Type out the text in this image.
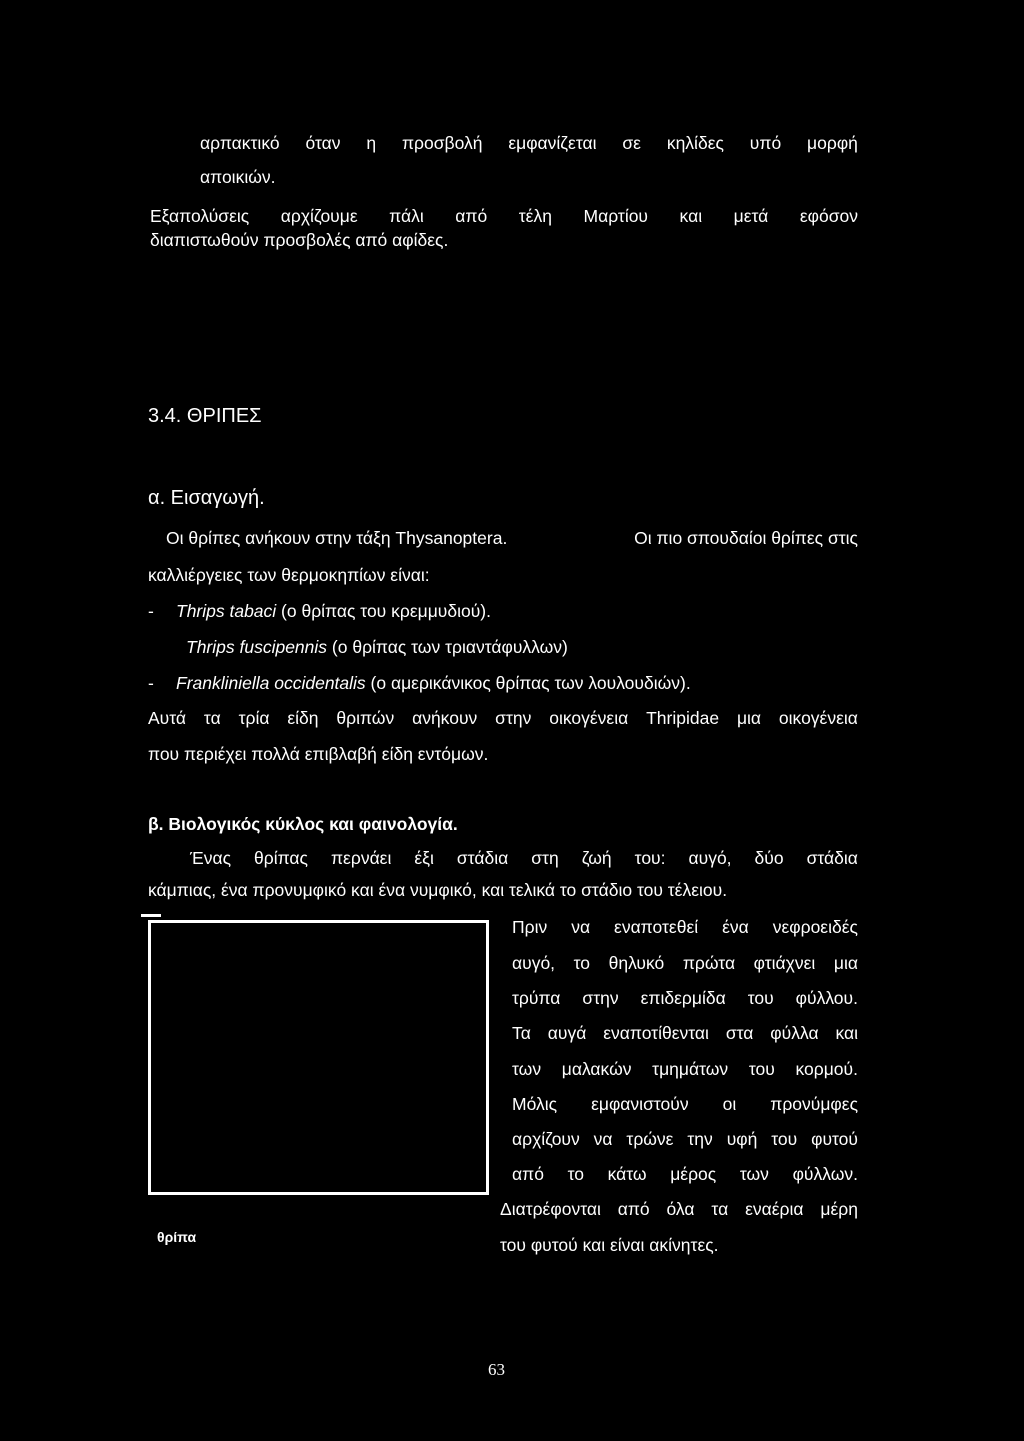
αρπακτικό όταν η προσβολή εμφανίζεται σε κηλίδες υπό μορφή
αποικιών.
Εξαπολύσεις αρχίζουμε πάλι από τέλη Μαρτίου και μετά εφόσον
διαπιστωθούν προσβολές από αφίδες.
3.4. ΘΡΙΠΕΣ
α. Εισαγωγή.
Οι θρίπες ανήκουν στην τάξη Thysanoptera.	Οι πιο σπουδαίοι θρίπες στις
καλλιέργειες των θερμοκηπίων είναι:
- Thrips tabaci (ο θρίπας του κρεμμυδιού).
Thrips fuscipennis (ο θρίπας των τριαντάφυλλων)
- Frankliniella occidentalis (ο αμερικάνικος θρίπας των λουλουδιών).
Αυτά τα τρία είδη θριπών ανήκουν στην οικογένεια Thripidae μια οικογένεια
που περιέχει πολλά επιβλαβή είδη εντόμων.
β. Βιολογικός κύκλος και φαινολογία.
Ένας θρίπας περνάει έξι στάδια στη ζωή του: αυγό, δύο στάδια
κάμπιας, ένα προνυμφικό και ένα νυμφικό, και τελικά το στάδιο του τέλειου.
θρίπα
Πριν να εναποτεθεί ένα νεφροειδές
αυγό, το θηλυκό πρώτα φτιάχνει μια
τρύπα στην επιδερμίδα του φύλλου.
Τα αυγά εναποτίθενται στα φύλλα και
των μαλακών τμημάτων του κορμού.
Μόλις εμφανιστούν οι προνύμφες
αρχίζουν να τρώνε την υφή του φυτού
από το κάτω μέρος των φύλλων.
Διατρέφονται από όλα τα εναέρια μέρη
του φυτού και είναι ακίνητες.
63
